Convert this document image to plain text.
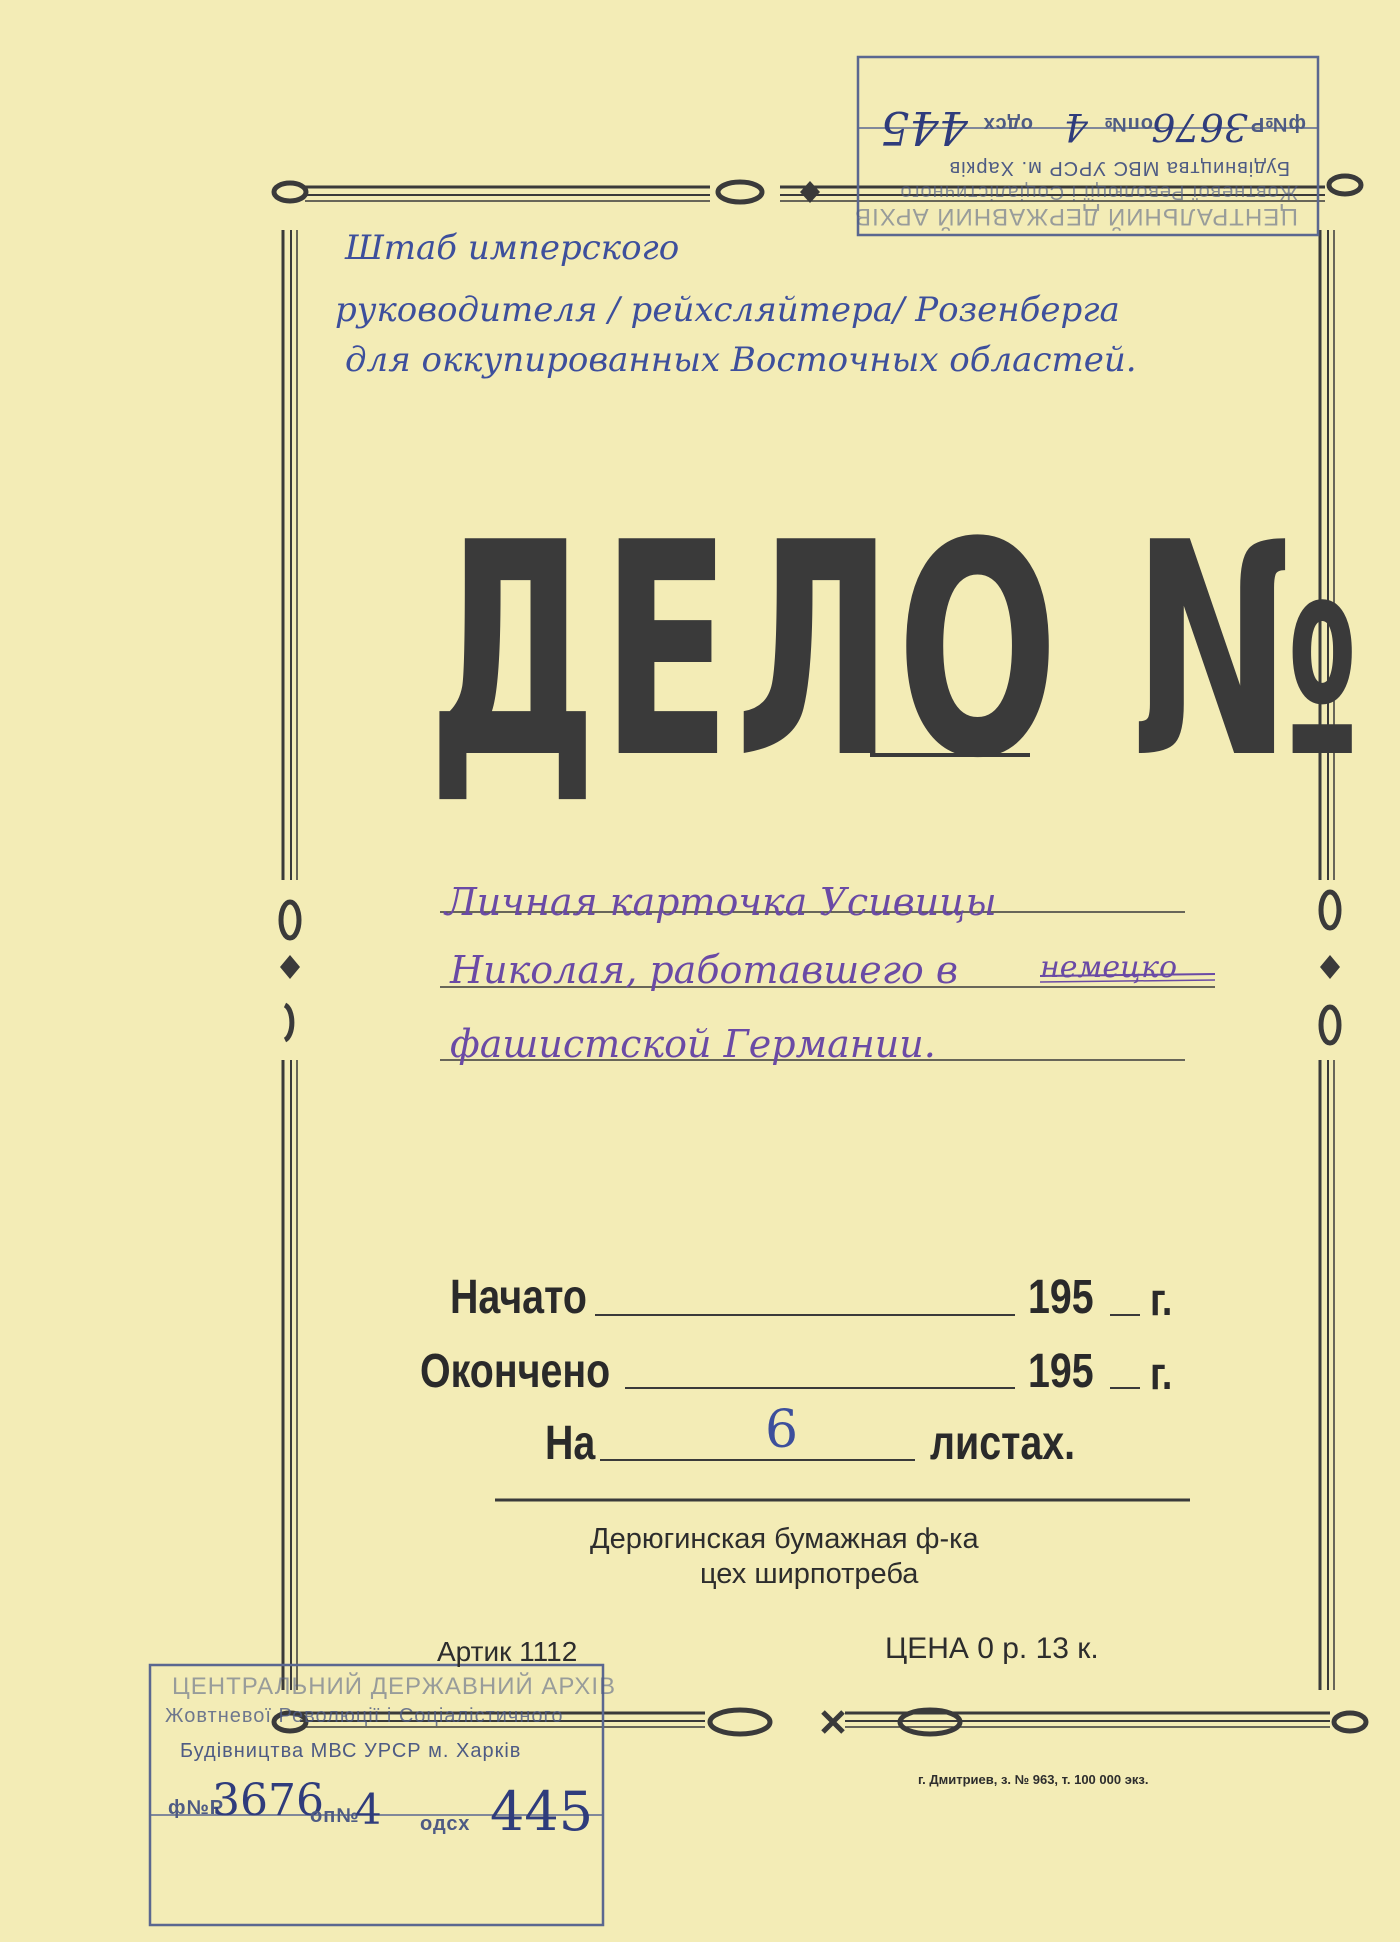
ЦЕНТРАЛЬНИЙ ДЕРЖАВНИЙ АРХІВ
Жовтневої Революції і Соціалістичного
Будівництва МВС УРСР м. Харків
ф№Р
3676
оп№
4
одсх
445
Штаб имперского
руководителя / рейхсляйтера/ Розенберга
для оккупированных Восточных областей.
ДЕЛО №
Личная карточка Усивицы
Николая, работавшего в	немецко
фашистской Германии.
Начато	195 г.
Окончено	195 г.
На	6	листах.
Дерюгинская бумажная ф-ка
цех ширпотреба
Артик 1112	ЦЕНА 0 р. 13 к.
г. Дмитриев, з. № 963, т. 100 000 экз.
ЦЕНТРАЛЬНИЙ ДЕРЖАВНИЙ АРХІВ
Жовтневої Революції і Соціалістичного
Будівництва МВС УРСР м. Харків
ф№Р
3676
оп№
4 одсх 445
